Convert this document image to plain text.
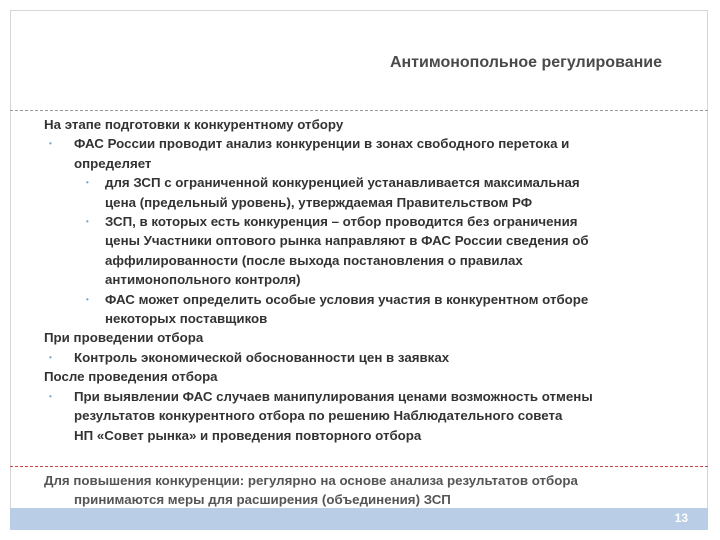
Антимонопольное регулирование

На этапе подготовки к конкурентному отбору

• ФАС России проводит анализ конкуренции в зонах свободного перетока и
определяет
• для ЗСП с ограниченной конкуренцией устанавливается максимальная
цена (предельный уровень), утверждаемая Правительством РФ
• ЗСП, в которых есть конкуренция – отбор проводится без ограничения
цены Участники оптового рынка направляют в ФАС России сведения об
аффилированности (после выхода постановления о правилах
антимонопольного контроля)
• ФАС может определить особые условия участия в конкурентном отборе
некоторых поставщиков

При проведении отбора

• Контроль экономической обоснованности цен в заявках

После проведения отбора

• При выявлении ФАС случаев манипулирования ценами возможность отмены
результатов конкурентного отбора по решению Наблюдательного совета
НП «Совет рынка» и проведения повторного отбора
Для повышения конкуренции: регулярно на основе анализа результатов отбора
принимаются меры для расширения (объединения) ЗСП
13
